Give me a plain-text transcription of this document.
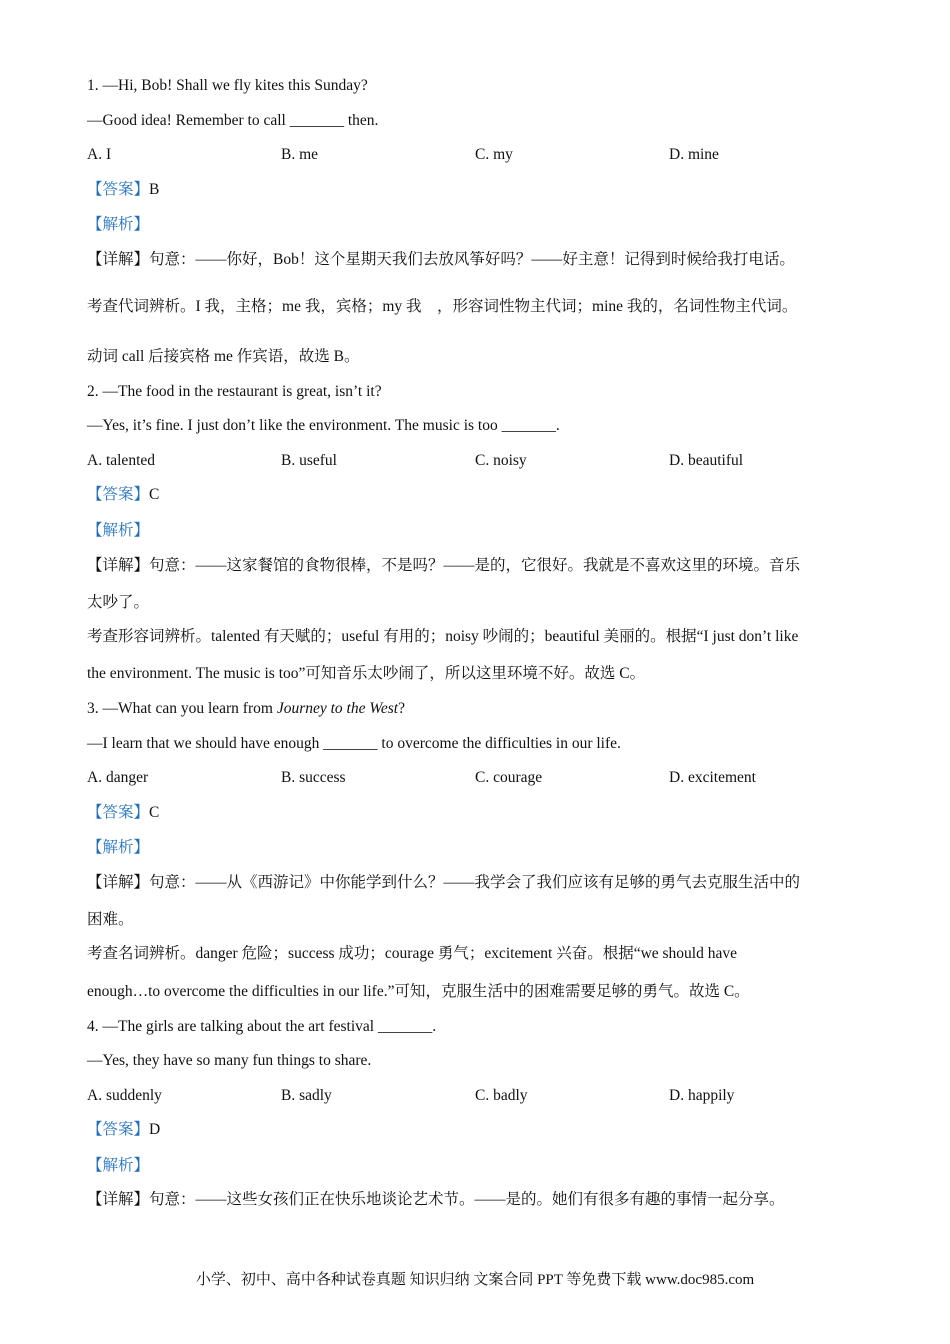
1. —Hi, Bob! Shall we fly kites this Sunday?
—Good idea! Remember to call _______ then.
A. I	B. me	C. my	D. mine
【答案】B
【解析】
【详解】句意：——你好，Bob！这个星期天我们去放风筝好吗？——好主意！记得到时候给我打电话。
考查代词辨析。I 我，主格；me 我，宾格；my 我　，形容词性物主代词；mine 我的，名词性物主代词。
动词 call 后接宾格 me 作宾语，故选 B。
2. —The food in the restaurant is great, isn’t it?
—Yes, it’s fine. I just don’t like the environment. The music is too _______.
A. talented	B. useful	C. noisy	D. beautiful
【答案】C
【解析】
【详解】句意：——这家餐馆的食物很棒，不是吗？——是的，它很好。我就是不喜欢这里的环境。音乐
太吵了。
考查形容词辨析。talented 有天赋的；useful 有用的；noisy 吵闹的；beautiful 美丽的。根据“I just don’t like
the environment. The music is too”可知音乐太吵闹了，所以这里环境不好。故选 C。
3. —What can you learn from Journey to the West?
—I learn that we should have enough _______ to overcome the difficulties in our life.
A. danger	B. success	C. courage	D. excitement
【答案】C
【解析】
【详解】句意：——从《西游记》中你能学到什么？——我学会了我们应该有足够的勇气去克服生活中的
困难。
考查名词辨析。danger 危险；success 成功；courage 勇气；excitement 兴奋。根据“we should have
enough…to overcome the difficulties in our life.”可知，克服生活中的困难需要足够的勇气。故选 C。
4. —The girls are talking about the art festival _______.
—Yes, they have so many fun things to share.
A. suddenly	B. sadly	C. badly	D. happily
【答案】D
【解析】
【详解】句意：——这些女孩们正在快乐地谈论艺术节。——是的。她们有很多有趣的事情一起分享。
小学、初中、高中各种试卷真题 知识归纳 文案合同 PPT 等免费下载 www.doc985.com
